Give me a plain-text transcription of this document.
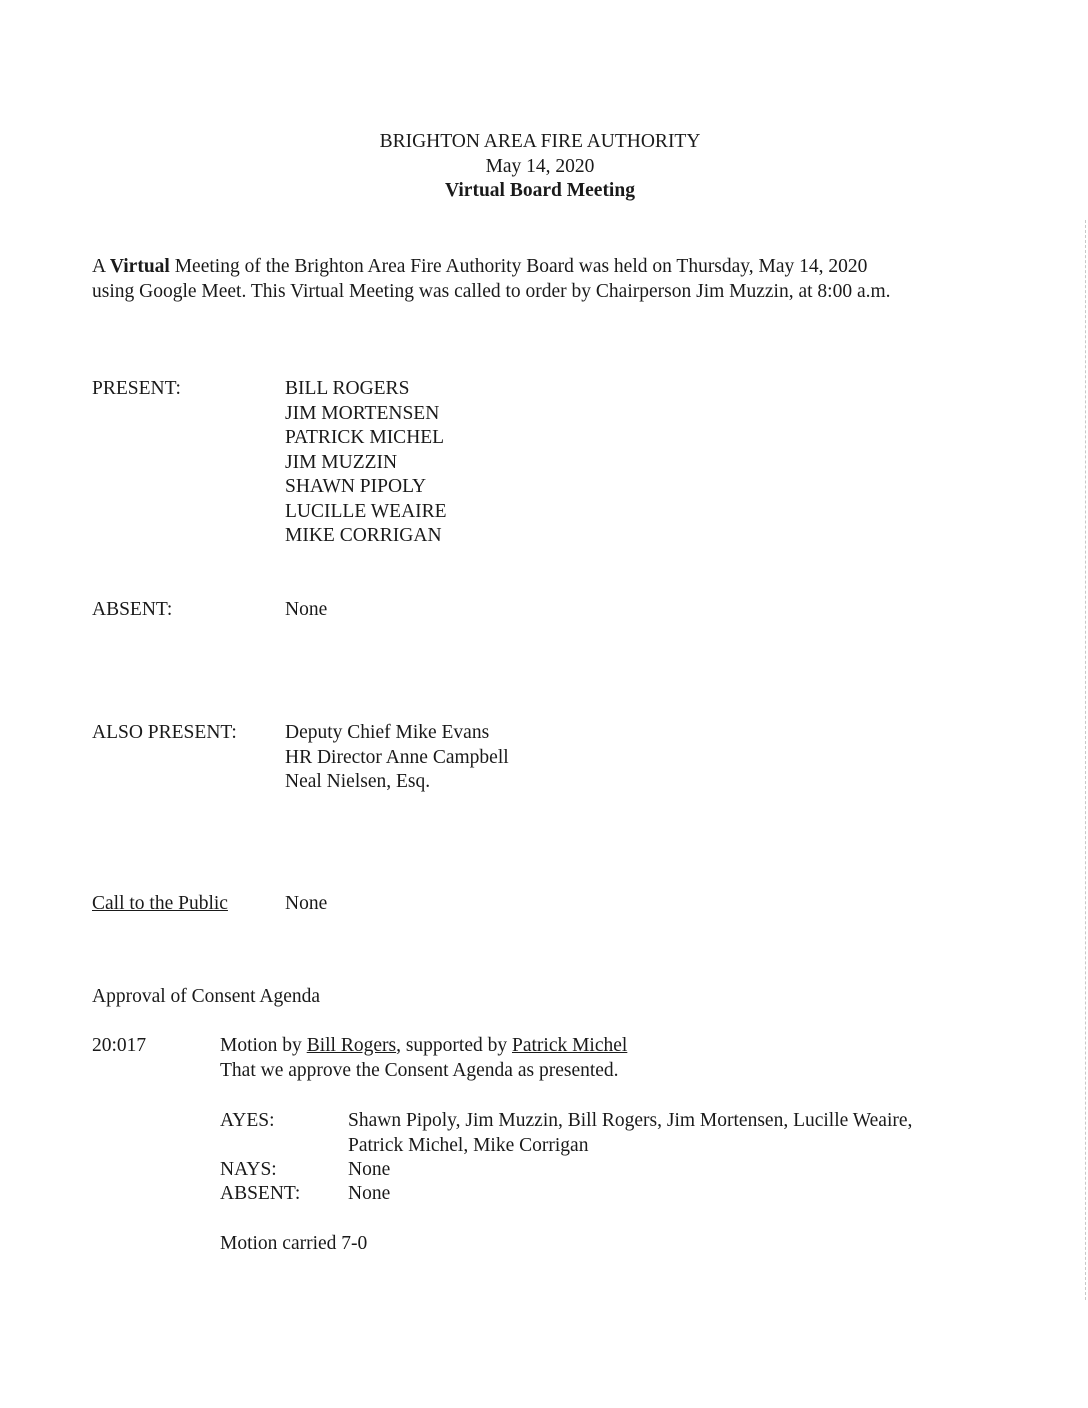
BRIGHTON AREA FIRE AUTHORITY
May 14, 2020
Virtual Board Meeting
A Virtual Meeting of the Brighton Area Fire Authority Board was held on Thursday, May 14, 2020
using Google Meet. This Virtual Meeting was called to order by Chairperson Jim Muzzin, at 8:00 a.m.
PRESENT:	BILL ROGERS
JIM MORTENSEN
PATRICK MICHEL
JIM MUZZIN
SHAWN PIPOLY
LUCILLE WEAIRE
MIKE CORRIGAN
ABSENT:	None
ALSO PRESENT: Deputy Chief Mike Evans
HR Director Anne Campbell
Neal Nielsen, Esq.
Call to the Public	None
Approval of Consent Agenda
20:017	Motion by Bill Rogers, supported by Patrick Michel
That we approve the Consent Agenda as presented.
AYES:	Shawn Pipoly, Jim Muzzin, Bill Rogers, Jim Mortensen, Lucille Weaire,
Patrick Michel, Mike Corrigan
NAYS:	None
ABSENT: None
Motion carried 7-0
